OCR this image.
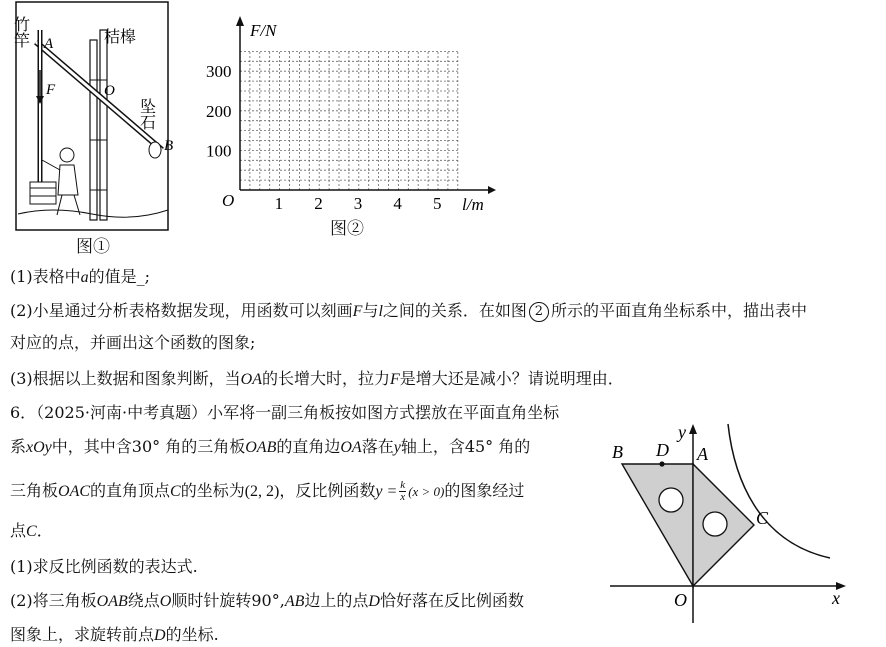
竹竿	桔槔
坠石
A
F	O
B
图①
1 2 3 4 5
100
200
300
F/N
l/m
O
图②
(1)表格中a的值是_;
(2)小星通过分析表格数据发现，用函数可以刻画F与l之间的关系．在如图 2 所示的平面直角坐标系中，描出表中
对应的点，并画出这个函数的图象;
(3)根据以上数据和图象判断，当OA的长增大时，拉力F是增大还是减小？请说明理由．
6．（2025·河南·中考真题）小军将一副三角板按如图方式摆放在平面直角坐标
系xOy中，其中含30° 角的三角板OAB的直角边OA落在y轴上，含45° 角的
三角板OAC的直角顶点C的坐标为(2, 2)，反比例函数$y = \frac{k}{x} (x > 0)$的图象经过
点C．
(1)求反比例函数的表达式.
(2)将三角板OAB绕点O顺时针旋转90°,AB边上的点D恰好落在反比例函数
图象上，求旋转前点D的坐标.
y
x
O
A
B D
C
